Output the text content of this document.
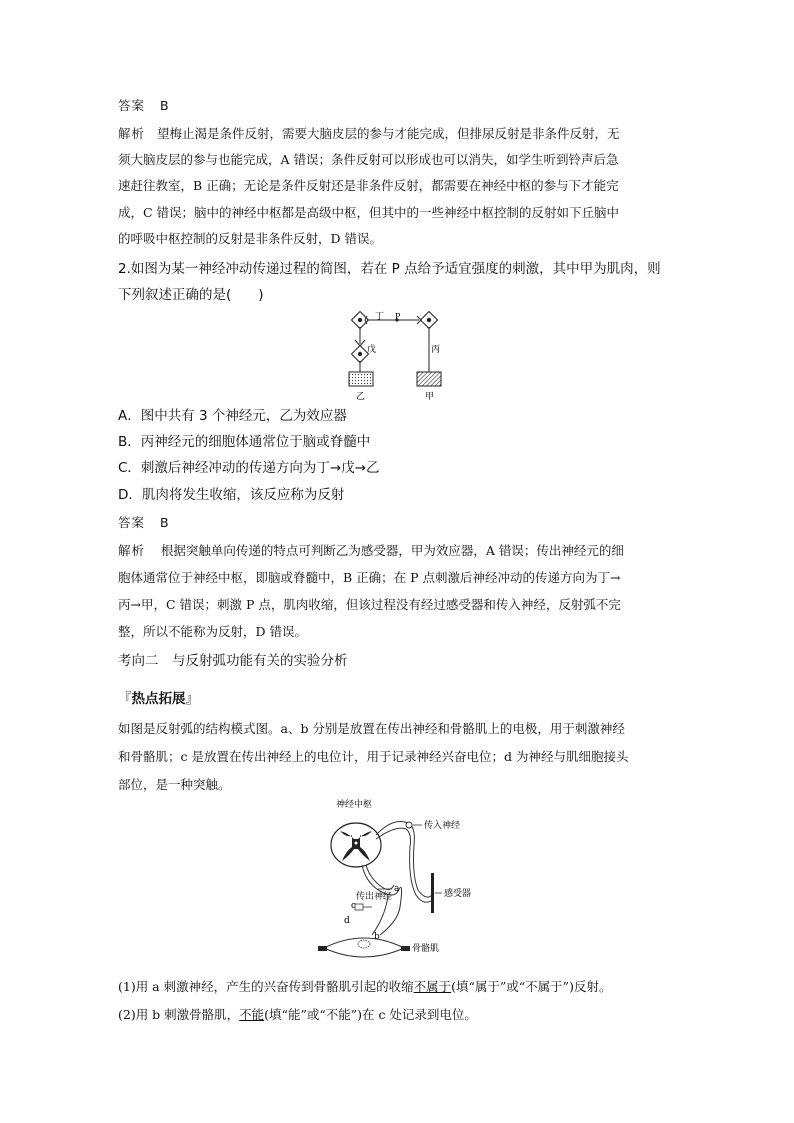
答案 B
解析 望梅止渴是条件反射，需要大脑皮层的参与才能完成，但排尿反射是非条件反射，无
须大脑皮层的参与也能完成，A 错误；条件反射可以形成也可以消失，如学生听到铃声后急
速赶往教室，B 正确；无论是条件反射还是非条件反射，都需要在神经中枢的参与下才能完
成，C 错误；脑中的神经中枢都是高级中枢，但其中的一些神经中枢控制的反射如下丘脑中
的呼吸中枢控制的反射是非条件反射，D 错误。
2.如图为某一神经冲动传递过程的简图，若在 P 点给予适宜强度的刺激，其中甲为肌肉，则
下列叙述正确的是(　　)
丁 P
戊	丙
乙	甲
A．图中共有 3 个神经元，乙为效应器
B．丙神经元的细胞体通常位于脑或脊髓中
C．刺激后神经冲动的传递方向为丁→戊→乙
D．肌肉将发生收缩，该反应称为反射
答案 B
解析 根据突触单向传递的特点可判断乙为感受器，甲为效应器，A 错误；传出神经元的细
胞体通常位于神经中枢，即脑或脊髓中，B 正确；在 P 点刺激后神经冲动的传递方向为丁→
丙→甲，C 错误；刺激 P 点，肌肉收缩，但该过程没有经过感受器和传入神经，反射弧不完
整，所以不能称为反射，D 错误。
考向二　与反射弧功能有关的实验分析
『热点拓展』
如图是反射弧的结构模式图。a、b 分别是放置在传出神经和骨骼肌上的电极，用于刺激神经
和骨骼肌；c 是放置在传出神经上的电位计，用于记录神经兴奋电位；d 为神经与肌细胞接头
部位，是一种突触。
神经中枢
传入神经
传出神经	感受器
骨骼肌
a
b
c
d
(1)用 a 刺激神经，产生的兴奋传到骨骼肌引起的收缩不属于(填“属于”或“不属于”)反射。
(2)用 b 刺激骨骼肌，不能(填“能”或“不能”)在 c 处记录到电位。
